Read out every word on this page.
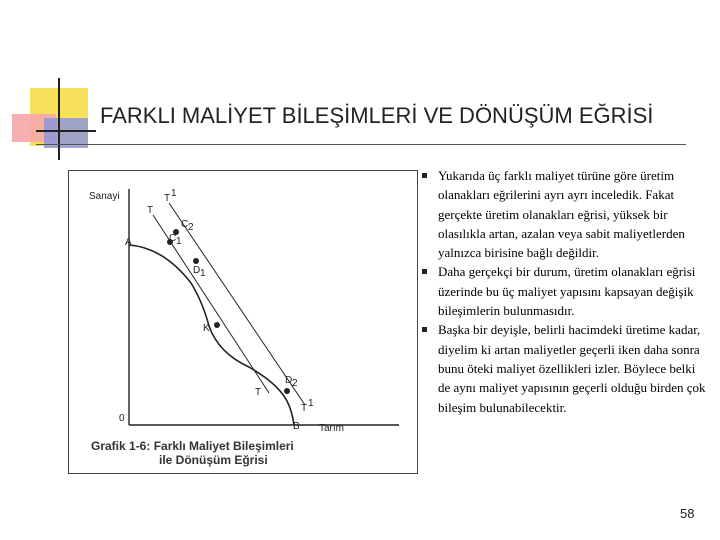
FARKLI MALİYET BİLEŞİMLERİ VE DÖNÜŞÜM EĞRİSİ
Sanayi
Tarım
0
A
B
T
T 1
T
T 1
C 2
C 1
D 1
K
D 2
Grafik 1-6: Farklı Maliyet Bileşimleri
ile Dönüşüm Eğrisi
Yukarıda üç farklı maliyet türüne göre üretim olanakları eğrilerini ayrı ayrı inceledik. Fakat gerçekte üretim olanakları eğrisi, yüksek bir olasılıkla artan, azalan veya sabit maliyetlerden yalnızca birisine bağlı değildir.
Daha gerçekçi bir durum, üretim olanakları eğrisi üzerinde bu üç maliyet yapısını kapsayan değişik bileşimlerin bulunmasıdır.
Başka bir deyişle, belirli hacimdeki üretime kadar, diyelim ki artan maliyetler geçerli iken daha sonra bunu öteki maliyet özellikleri izler. Böylece belki de aynı maliyet yapısının geçerli olduğu birden çok bileşim bulunabilecektir.
58
